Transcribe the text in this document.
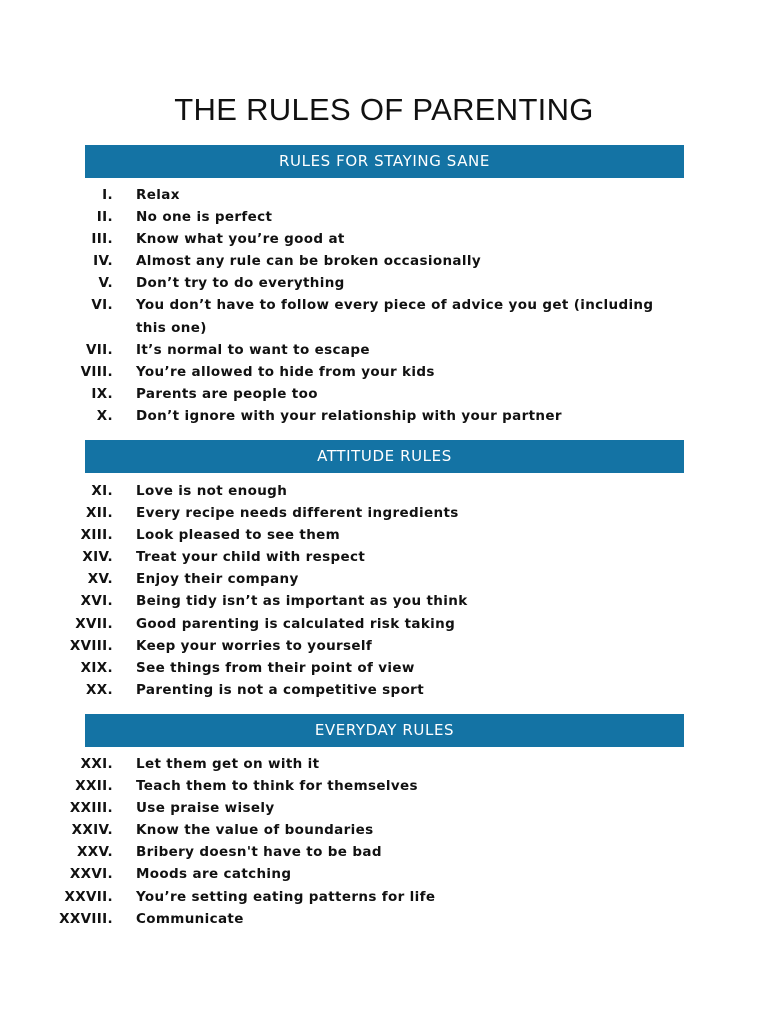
THE RULES OF PARENTING
RULES FOR STAYING SANE
I. Relax
II. No one is perfect
III. Know what you’re good at
IV. Almost any rule can be broken occasionally
V. Don’t try to do everything
VI. You don’t have to follow every piece of advice you get (including this one)
VII. It’s normal to want to escape
VIII. You’re allowed to hide from your kids
IX. Parents are people too
X. Don’t ignore with your relationship with your partner
ATTITUDE RULES
XI. Love is not enough
XII. Every recipe needs different ingredients
XIII. Look pleased to see them
XIV. Treat your child with respect
XV. Enjoy their company
XVI. Being tidy isn’t as important as you think
XVII. Good parenting is calculated risk taking
XVIII. Keep your worries to yourself
XIX. See things from their point of view
XX. Parenting is not a competitive sport
EVERYDAY RULES
XXI. Let them get on with it
XXII. Teach them to think for themselves
XXIII. Use praise wisely
XXIV. Know the value of boundaries
XXV. Bribery doesn't have to be bad
XXVI. Moods are catching
XXVII. You’re setting eating patterns for life
XXVIII. Communicate
